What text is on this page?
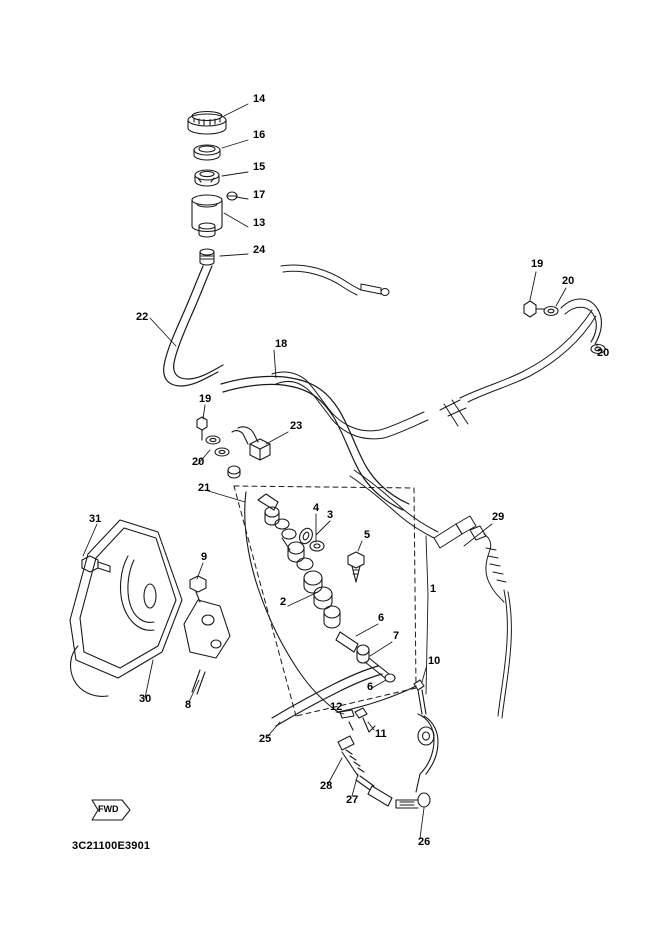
14
16
15
17
13
24
22
18
19
23
20
21
19
20
20
31
4
3
5
9
29
1
2
6
7
10
6
30	8	12
11
25
28
27
26
FWD
3C21100E3901
